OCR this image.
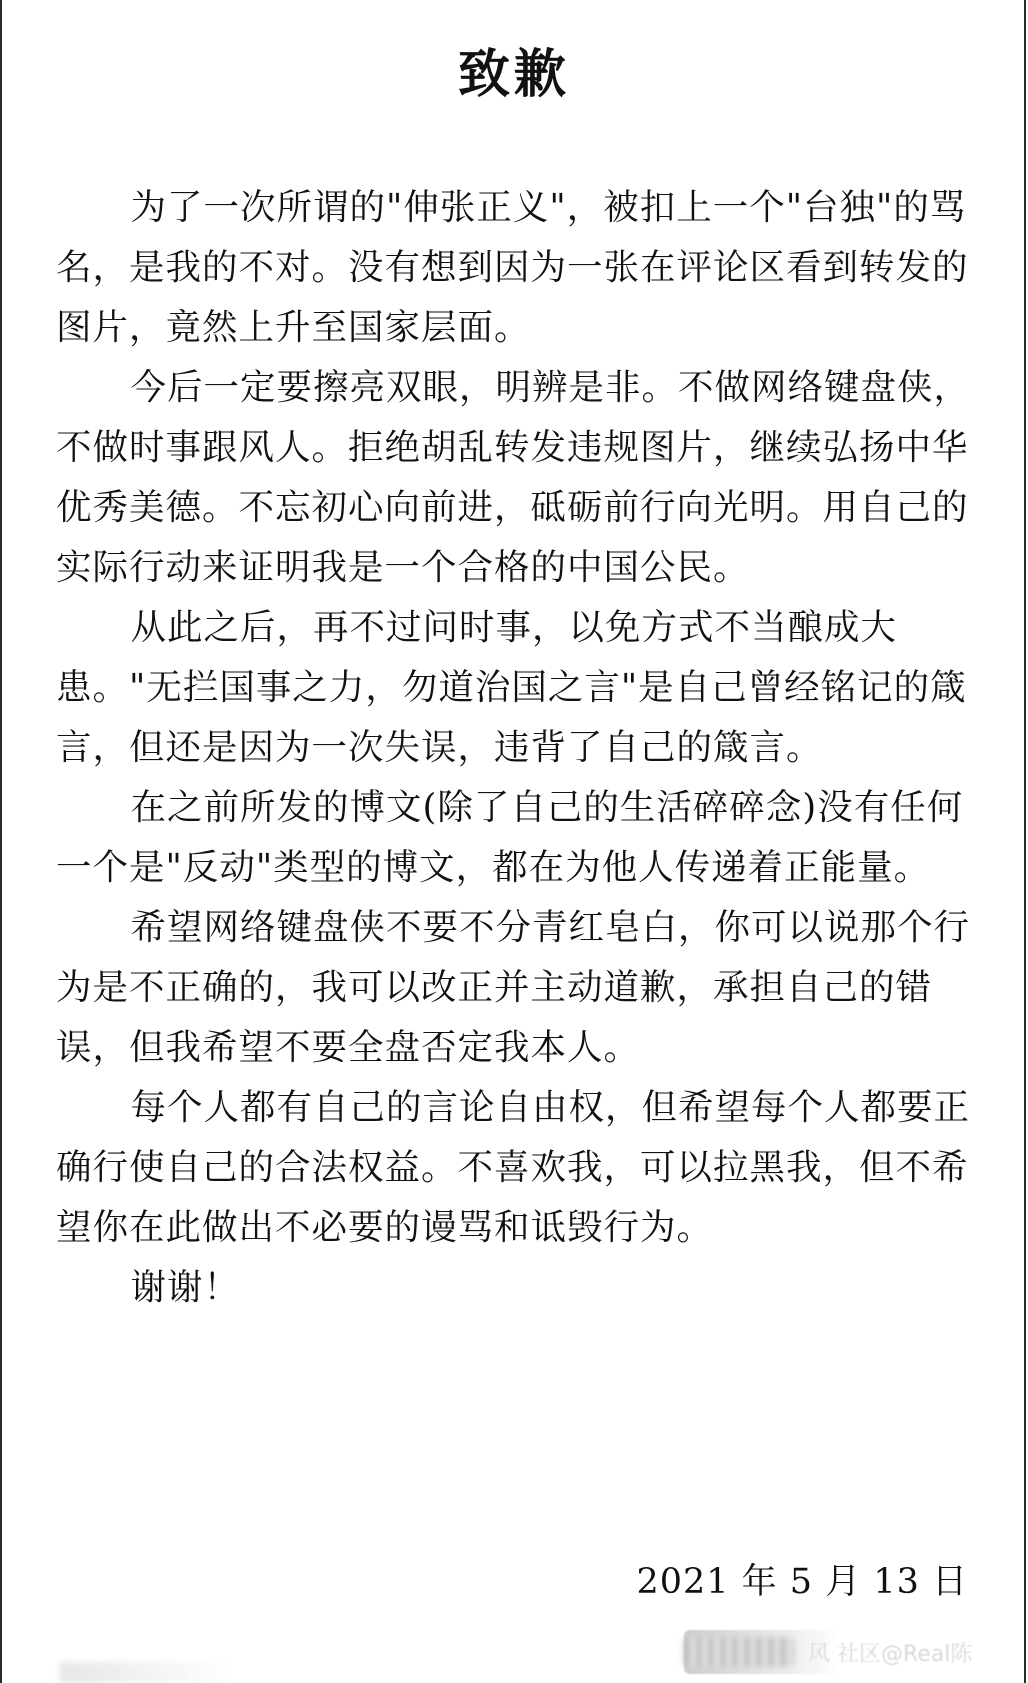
致歉

为了一次所谓的"伸张正义"，被扣上一个"台独"的骂名，是我的不对。没有想到因为一张在评论区看到转发的图片，竟然上升至国家层面。

今后一定要擦亮双眼，明辨是非。不做网络键盘侠，不做时事跟风人。拒绝胡乱转发违规图片，继续弘扬中华优秀美德。不忘初心向前进，砥砺前行向光明。用自己的实际行动来证明我是一个合格的中国公民。

从此之后，再不过问时事，以免方式不当酿成大患。"无拦国事之力，勿道治国之言"是自己曾经铭记的箴言，但还是因为一次失误，违背了自己的箴言。

在之前所发的博文(除了自己的生活碎碎念)没有任何一个是"反动"类型的博文，都在为他人传递着正能量。

希望网络键盘侠不要不分青红皂白，你可以说那个行为是不正确的，我可以改正并主动道歉，承担自己的错误，但我希望不要全盘否定我本人。

每个人都有自己的言论自由权，但希望每个人都要正确行使自己的合法权益。不喜欢我，可以拉黑我，但不希望你在此做出不必要的谩骂和诋毁行为。

谢谢！

2021 年 5 月 13 日
风 社区@Real陈
